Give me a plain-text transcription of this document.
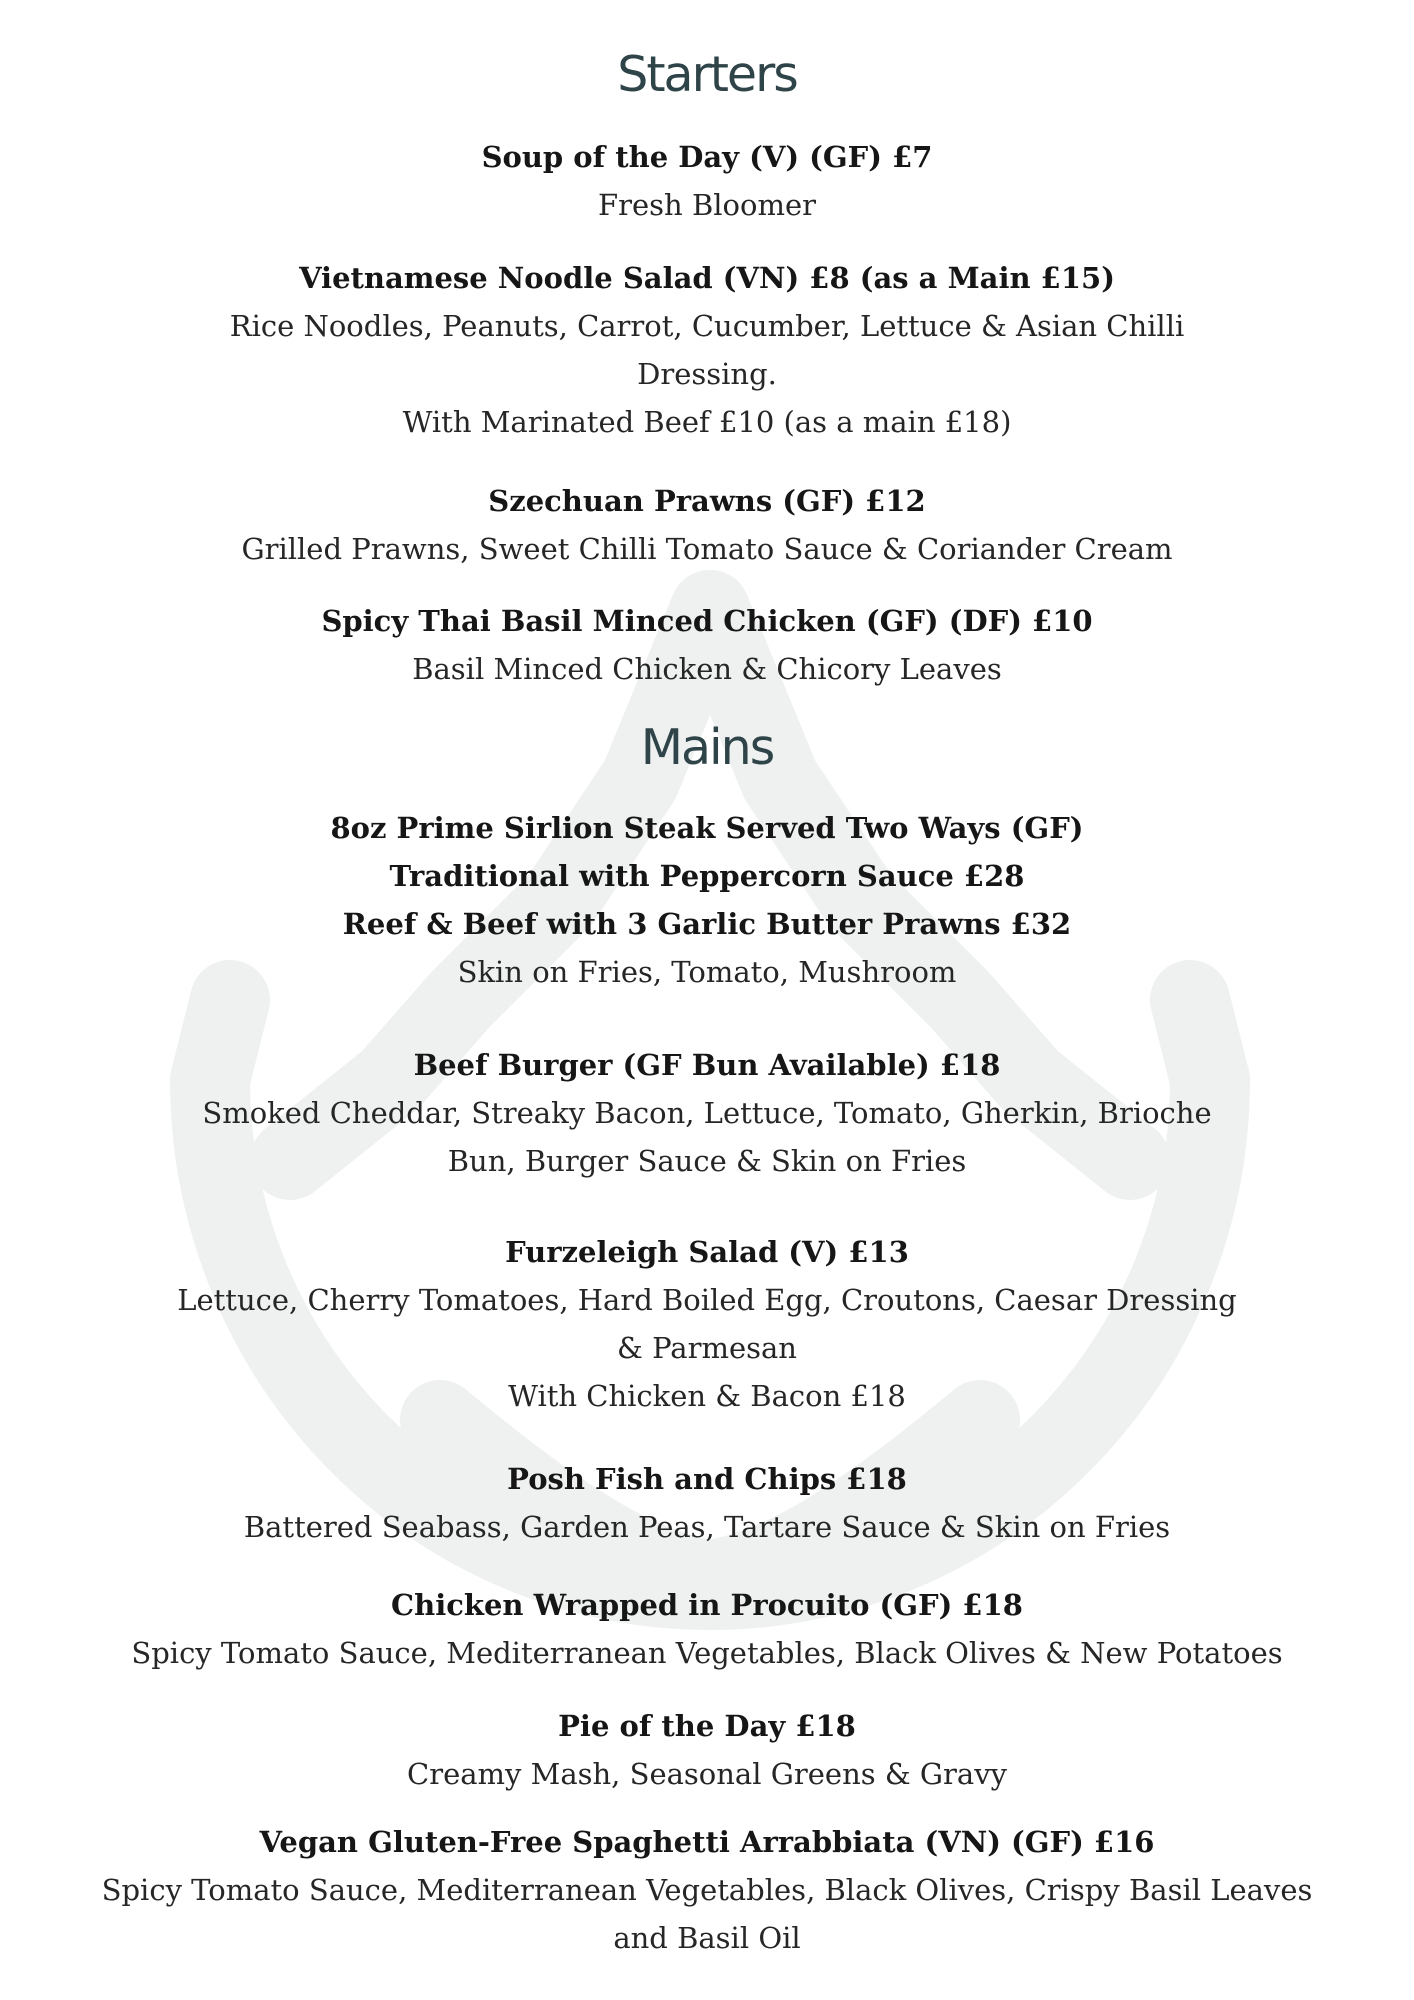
Starters
Soup of the Day (V) (GF) £7
Fresh Bloomer
Vietnamese Noodle Salad (VN) £8 (as a Main £15)
Rice Noodles, Peanuts, Carrot, Cucumber, Lettuce & Asian Chilli
Dressing.
With Marinated Beef £10 (as a main £18)
Szechuan Prawns (GF) £12
Grilled Prawns, Sweet Chilli Tomato Sauce & Coriander Cream
Spicy Thai Basil Minced Chicken (GF) (DF) £10
Basil Minced Chicken & Chicory Leaves
Mains
8oz Prime Sirlion Steak Served Two Ways (GF)
Traditional with Peppercorn Sauce £28
Reef & Beef with 3 Garlic Butter Prawns £32
Skin on Fries, Tomato, Mushroom
Beef Burger (GF Bun Available) £18
Smoked Cheddar, Streaky Bacon, Lettuce, Tomato, Gherkin, Brioche
Bun, Burger Sauce & Skin on Fries
Furzeleigh Salad (V) £13
Lettuce, Cherry Tomatoes, Hard Boiled Egg, Croutons, Caesar Dressing
& Parmesan
With Chicken & Bacon £18
Posh Fish and Chips £18
Battered Seabass, Garden Peas, Tartare Sauce & Skin on Fries
Chicken Wrapped in Procuito (GF) £18
Spicy Tomato Sauce, Mediterranean Vegetables, Black Olives & New Potatoes
Pie of the Day £18
Creamy Mash, Seasonal Greens & Gravy
Vegan Gluten-Free Spaghetti Arrabbiata (VN) (GF) £16
Spicy Tomato Sauce, Mediterranean Vegetables, Black Olives, Crispy Basil Leaves
and Basil Oil
